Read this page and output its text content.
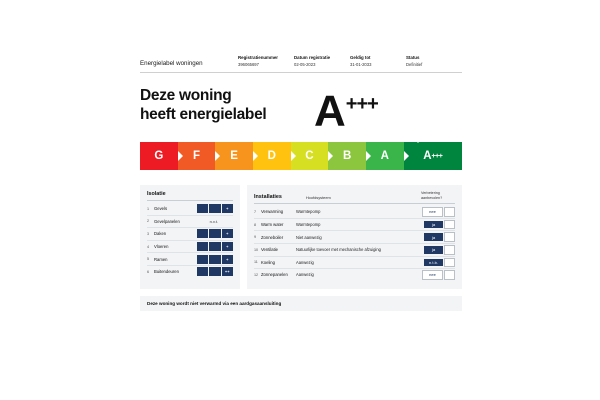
Energielabel woningen
Registratienummer
396065697
Datum registratie
02-05-2023
Geldig tot
31-01-2033
Status
Definitief
Deze woning
heeft energielabel	A+++
G	F	E	D	C	B	A	A +++
Isolatie
1	Gevels	+
2	Gevelpanelen	n.v.t.
3	Daken	+
4	Vloeren	+
5	Ramen	+
6	Buitendeuren	++
Installaties	Hoofdsysteem
Verbetering aanbevolen?
7	Verwarming	Warmtepomp	nee
8	Warm water	Warmtepomp	ja
9	Zonneboiler	Niet aanwezig	ja
10 Ventilatie	Natuurlijke toevoer met mechanische afzuiging	ja
11 Koeling	Aanwezig	n.t.b.
12 Zonnepanelen	Aanwezig	nee
Deze woning wordt niet verwarmd via een aardgasaansluiting
